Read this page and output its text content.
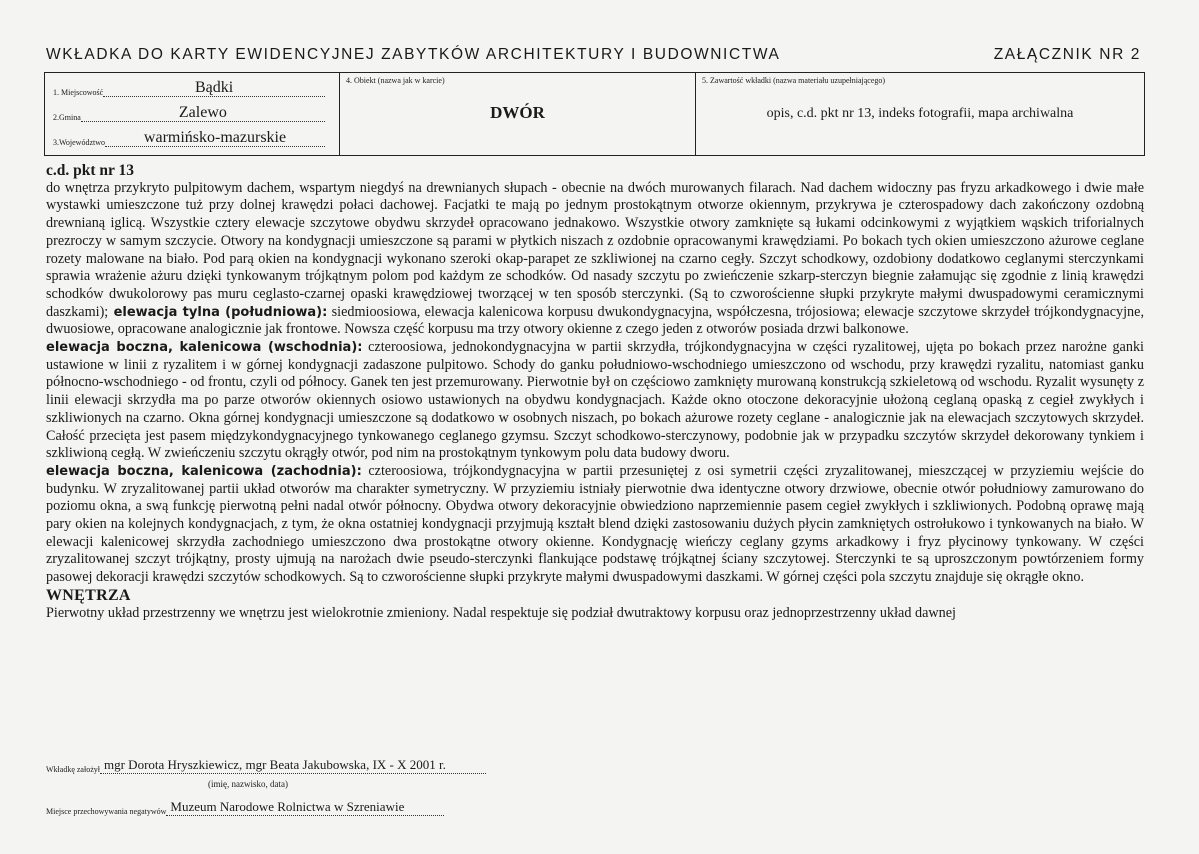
WKŁADKA DO KARTY EWIDENCYJNEJ ZABYTKÓW ARCHITEKTURY I BUDOWNICTWA	ZAŁĄCZNIK NR 2
1. Miejscowość	Bądki
2.Gmina	Zalewo
3.Województwo	warmińsko-mazurskie
4. Obiekt (nazwa jak w karcie)
DWÓR
5. Zawartość wkładki (nazwa materiału uzupełniającego)
opis, c.d. pkt nr 13, indeks fotografii, mapa archiwalna
c.d. pkt nr 13

do wnętrza przykryto pulpitowym dachem, wspartym niegdyś na drewnianych słupach - obecnie na dwóch murowanych filarach. Nad dachem widoczny pas fryzu arkadkowego i dwie małe wystawki umieszczone tuż przy dolnej krawędzi połaci dachowej. Facjatki te mają po jednym prostokątnym otworze okiennym, przykrywa je czterospadowy dach zakończony ozdobną drewnianą iglicą. Wszystkie cztery elewacje szczytowe obydwu skrzydeł opracowano jednakowo. Wszystkie otwory zamknięte są łukami odcinkowymi z wyjątkiem wąskich triforialnych prezroczy w samym szczycie. Otwory na kondygnacji umieszczone są parami w płytkich niszach z ozdobnie opracowanymi krawędziami. Po bokach tych okien umieszczono ażurowe ceglane rozety malowane na biało. Pod parą okien na kondygnacji wykonano szeroki okap-parapet ze szkliwionej na czarno cegły. Szczyt schodkowy, ozdobiony dodatkowo ceglanymi sterczynkami sprawia wrażenie ażuru dzięki tynkowanym trójkątnym polom pod każdym ze schodków. Od nasady szczytu po zwieńczenie szkarp-sterczyn biegnie załamując się zgodnie z linią krawędzi schodków dwukolorowy pas muru ceglasto-czarnej opaski krawędziowej tworzącej w ten sposób sterczynki. (Są to czworościenne słupki przykryte małymi dwuspadowymi ceramicznymi daszkami); elewacja tylna (południowa): siedmioosiowa, elewacja kalenicowa korpusu dwukondygnacyjna, współczesna, trójosiowa; elewacje szczytowe skrzydeł trójkondygnacyjne, dwuosiowe, opracowane analogicznie jak frontowe. Nowsza część korpusu ma trzy otwory okienne z czego jeden z otworów posiada drzwi balkonowe.

elewacja boczna, kalenicowa (wschodnia): czteroosiowa, jednokondygnacyjna w partii skrzydła, trójkondygnacyjna w części ryzalitowej, ujęta po bokach przez narożne ganki ustawione w linii z ryzalitem i w górnej kondygnacji zadaszone pulpitowo. Schody do ganku południowo-wschodniego umieszczono od wschodu, przy krawędzi ryzalitu, natomiast ganku północno-wschodniego - od frontu, czyli od północy. Ganek ten jest przemurowany. Pierwotnie był on częściowo zamknięty murowaną konstrukcją szkieletową od wschodu. Ryzalit wysunęty z linii elewacji skrzydła ma po parze otworów okiennych osiowo ustawionych na obydwu kondygnacjach. Każde okno otoczone dekoracyjnie ułożoną ceglaną opaską z cegieł zwykłych i szkliwionych na czarno. Okna górnej kondygnacji umieszczone są dodatkowo w osobnych niszach, po bokach ażurowe rozety ceglane - analogicznie jak na elewacjach szczytowych skrzydeł. Całość przecięta jest pasem międzykondygnacyjnego tynkowanego ceglanego gzymsu. Szczyt schodkowo-sterczynowy, podobnie jak w przypadku szczytów skrzydeł dekorowany tynkiem i szkliwioną cegłą. W zwieńczeniu szczytu okrągły otwór, pod nim na prostokątnym tynkowym polu data budowy dworu.

elewacja boczna, kalenicowa (zachodnia): czteroosiowa, trójkondygnacyjna w partii przesuniętej z osi symetrii części zryzalitowanej, mieszczącej w przyziemiu wejście do budynku. W zryzalitowanej partii układ otworów ma charakter symetryczny. W przyziemiu istniały pierwotnie dwa identyczne otwory drzwiowe, obecnie otwór południowy zamurowano do poziomu okna, a swą funkcję pierwotną pełni nadal otwór północny. Obydwa otwory dekoracyjnie obwiedziono naprzemiennie pasem cegieł zwykłych i szkliwionych. Podobną oprawę mają pary okien na kolejnych kondygnacjach, z tym, że okna ostatniej kondygnacji przyjmują kształt blend dzięki zastosowaniu dużych płycin zamkniętych ostrołukowo i tynkowanych na biało. W elewacji kalenicowej skrzydła zachodniego umieszczono dwa prostokątne otwory okienne. Kondygnację wieńczy ceglany gzyms arkadkowy i fryz płycinowy tynkowany. W części zryzalitowanej szczyt trójkątny, prosty ujmują na narożach dwie pseudo-sterczynki flankujące podstawę trójkątnej ściany szczytowej. Sterczynki te są uproszczonym powtórzeniem formy pasowej dekoracji krawędzi szczytów schodkowych. Są to czworościenne słupki przykryte małymi dwuspadowymi daszkami. W górnej części pola szczytu znajduje się okrągłe okno.

WNĘTRZA

Pierwotny układ przestrzenny we wnętrzu jest wielokrotnie zmieniony. Nadal respektuje się podział dwutraktowy korpusu oraz jednoprzestrzenny układ dawnej

Wkładkę założył mgr Dorota Hryszkiewicz, mgr Beata Jakubowska, IX - X 2001 r.
(imię, nazwisko, data)
Miejsce przechowywania negatywów Muzeum Narodowe Rolnictwa w Szreniawie
